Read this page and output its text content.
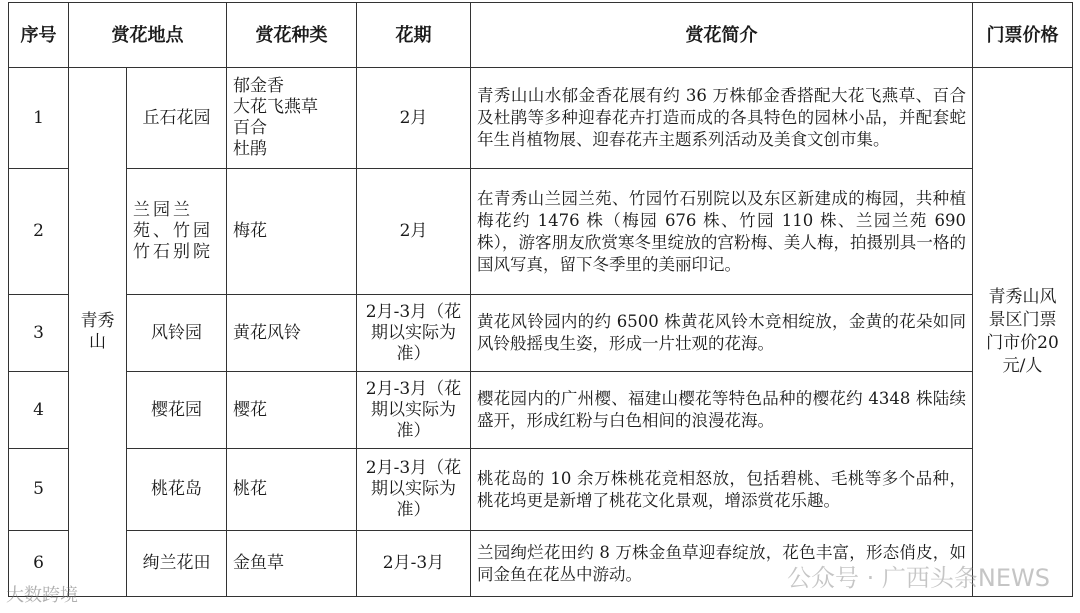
序号	赏花地点		赏花种类	花期	赏花简介	门票价格
1	青秀山	丘石花园	郁金香
大花飞燕草
百合
杜鹃	2月	青秀山山水郁金香花展有约 36 万株郁金香搭配大花飞燕草、百合及杜鹃等多种迎春花卉打造而成的各具特色的园林小品，并配套蛇年生肖植物展、迎春花卉主题系列活动及美食文创市集。	青秀山风景区门票门市价20元/人
2		兰园兰苑、竹园竹石别院	梅花	2月	在青秀山兰园兰苑、竹园竹石别院以及东区新建成的梅园，共种植梅花约 1476 株（梅园 676 株、竹园 110 株、兰园兰苑 690 株），游客朋友欣赏寒冬里绽放的宫粉梅、美人梅，拍摄别具一格的国风写真，留下冬季里的美丽印记。	
3		风铃园	黄花风铃	2月-3月（花期以实际为准）	黄花风铃园内的约 6500 株黄花风铃木竞相绽放，金黄的花朵如同风铃般摇曳生姿，形成一片壮观的花海。	
4		樱花园	樱花	2月-3月（花期以实际为准）	樱花园内的广州樱、福建山樱花等特色品种的樱花约 4348 株陆续盛开，形成红粉与白色相间的浪漫花海。	
5		桃花岛	桃花	2月-3月（花期以实际为准）	桃花岛的 10 余万株桃花竞相怒放，包括碧桃、毛桃等多个品种，桃花坞更是新增了桃花文化景观，增添赏花乐趣。	
6		绚兰花田	金鱼草	2月-3月	兰园绚烂花田约 8 万株金鱼草迎春绽放，花色丰富，形态俏皮，如同金鱼在花丛中游动。		公众号 · 广西头条NEWS
大数跨境
